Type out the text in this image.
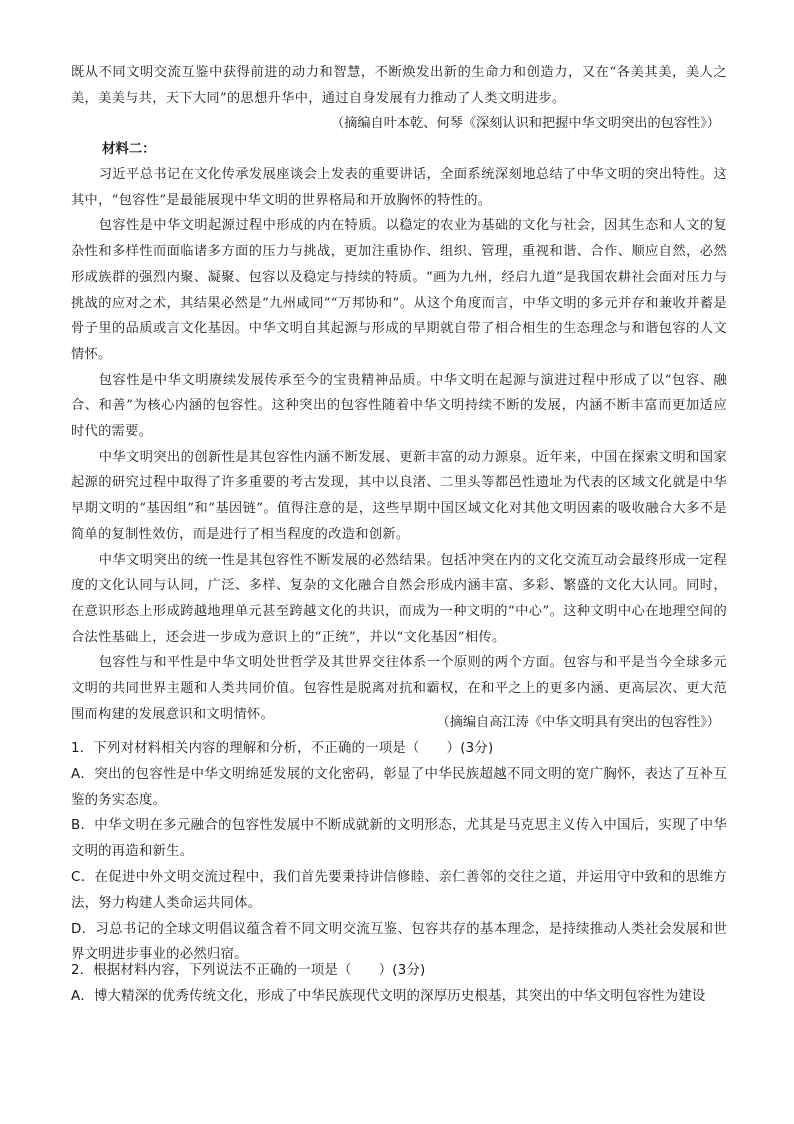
既从不同文明交流互鉴中获得前进的动力和智慧，不断焕发出新的生命力和创造力，又在“各美其美，美人之美，美美与共，天下大同”的思想升华中，通过自身发展有力推动了人类文明进步。

（摘编自叶本乾、何琴《深刻认识和把握中华文明突出的包容性》）
材料二：

习近平总书记在文化传承发展座谈会上发表的重要讲话，全面系统深刻地总结了中华文明的突出特性。这其中，“包容性”是最能展现中华文明的世界格局和开放胸怀的特性的。

包容性是中华文明起源过程中形成的内在特质。以稳定的农业为基础的文化与社会，因其生态和人文的复杂性和多样性而面临诸多方面的压力与挑战，更加注重协作、组织、管理，重视和谐、合作、顺应自然，必然形成族群的强烈内聚、凝聚、包容以及稳定与持续的特质。“画为九州，经启九道”是我国农耕社会面对压力与挑战的应对之术，其结果必然是“九州咸同”“万邦协和”。从这个角度而言，中华文明的多元并存和兼收并蓄是骨子里的品质或言文化基因。中华文明自其起源与形成的早期就自带了相合相生的生态理念与和谐包容的人文情怀。

包容性是中华文明赓续发展传承至今的宝贵精神品质。中华文明在起源与演进过程中形成了以“包容、融合、和善”为核心内涵的包容性。这种突出的包容性随着中华文明持续不断的发展，内涵不断丰富而更加适应时代的需要。

中华文明突出的创新性是其包容性内涵不断发展、更新丰富的动力源泉。近年来，中国在探索文明和国家起源的研究过程中取得了许多重要的考古发现，其中以良渚、二里头等都邑性遗址为代表的区域文化就是中华早期文明的“基因组”和“基因链”。值得注意的是，这些早期中国区域文化对其他文明因素的吸收融合大多不是简单的复制性效仿，而是进行了相当程度的改造和创新。

中华文明突出的统一性是其包容性不断发展的必然结果。包括冲突在内的文化交流互动会最终形成一定程度的文化认同与认同，广泛、多样、复杂的文化融合自然会形成内涵丰富、多彩、繁盛的文化大认同。同时，在意识形态上形成跨越地理单元甚至跨越文化的共识，而成为一种文明的“中心”。这种文明中心在地理空间的合法性基础上，还会进一步成为意识上的“正统”，并以“文化基因”相传。

包容性与和平性是中华文明处世哲学及其世界交往体系一个原则的两个方面。包容与和平是当今全球多元文明的共同世界主题和人类共同价值。包容性是脱离对抗和霸权，在和平之上的更多内涵、更高层次、更大范围而构建的发展意识和文明情怀。

（摘编自高江涛《中华文明具有突出的包容性》）

1．下列对材料相关内容的理解和分析，不正确的一项是（　　）(3分)

A．突出的包容性是中华文明绵延发展的文化密码，彰显了中华民族超越不同文明的宽广胸怀，表达了互补互鉴的务实态度。

B．中华文明在多元融合的包容性发展中不断成就新的文明形态，尤其是马克思主义传入中国后，实现了中华文明的再造和新生。

C．在促进中外文明交流过程中，我们首先要秉持讲信修睦、亲仁善邻的交往之道，并运用守中致和的思维方法，努力构建人类命运共同体。

D．习总书记的全球文明倡议蕴含着不同文明交流互鉴、包容共存的基本理念，是持续推动人类社会发展和世界文明进步事业的必然归宿。

2．根据材料内容，下列说法不正确的一项是（　　）(3分)

A．博大精深的优秀传统文化，形成了中华民族现代文明的深厚历史根基，其突出的中华文明包容性为建设
